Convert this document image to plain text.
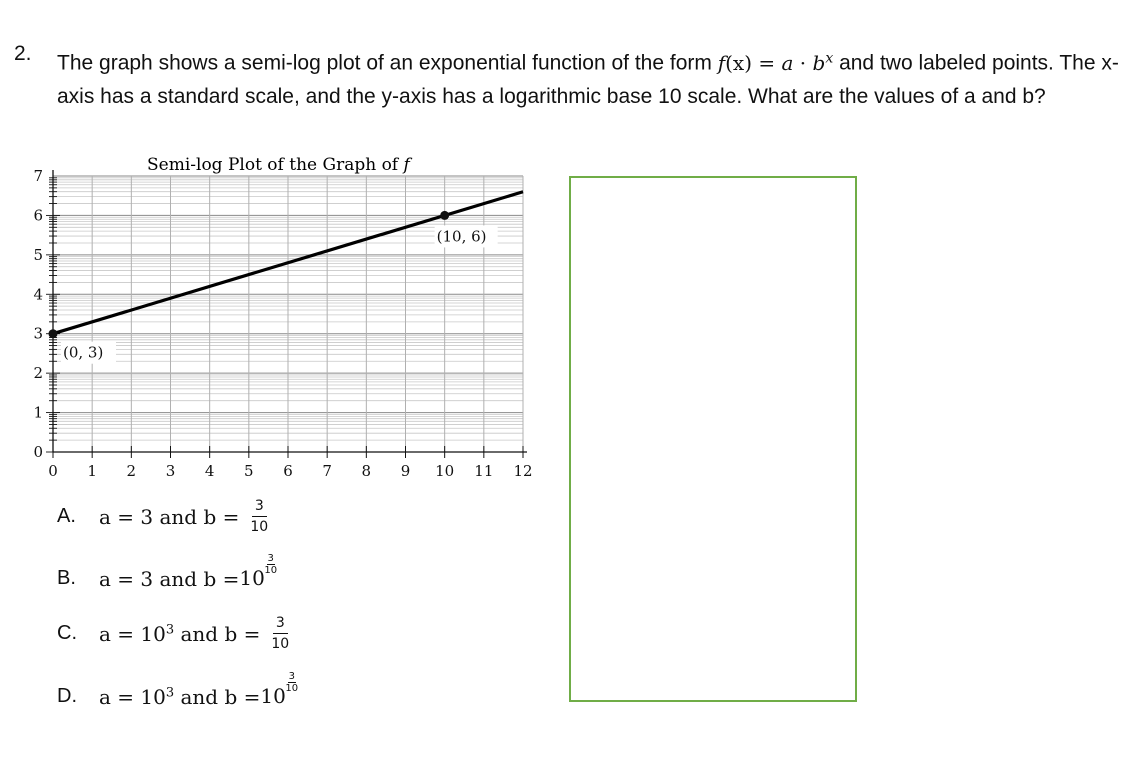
2. The graph shows a semi-log plot of an exponential function of the form $f(x) = a \cdot b^x$ and two labeled points. The x-axis has a standard scale, and the y-axis has a logarithmic base 10 scale. What are the values of a and b?
Semi-log Plot of the Graph of f
(0, 3)
(10, 6)
0
1
2
3
4
5
6
7
0 1 2 3 4 5 6 7 8 9 10 11 12
A.	a = 3 and $b = \frac{3}{10}$
B.	a = 3 and b = 10
$\frac{3}{10}$
C.	$a = 10^3$ and $b = \frac{3}{10}$
D.	$a = 10^3$ and b = 10
$\frac{3}{10}$
